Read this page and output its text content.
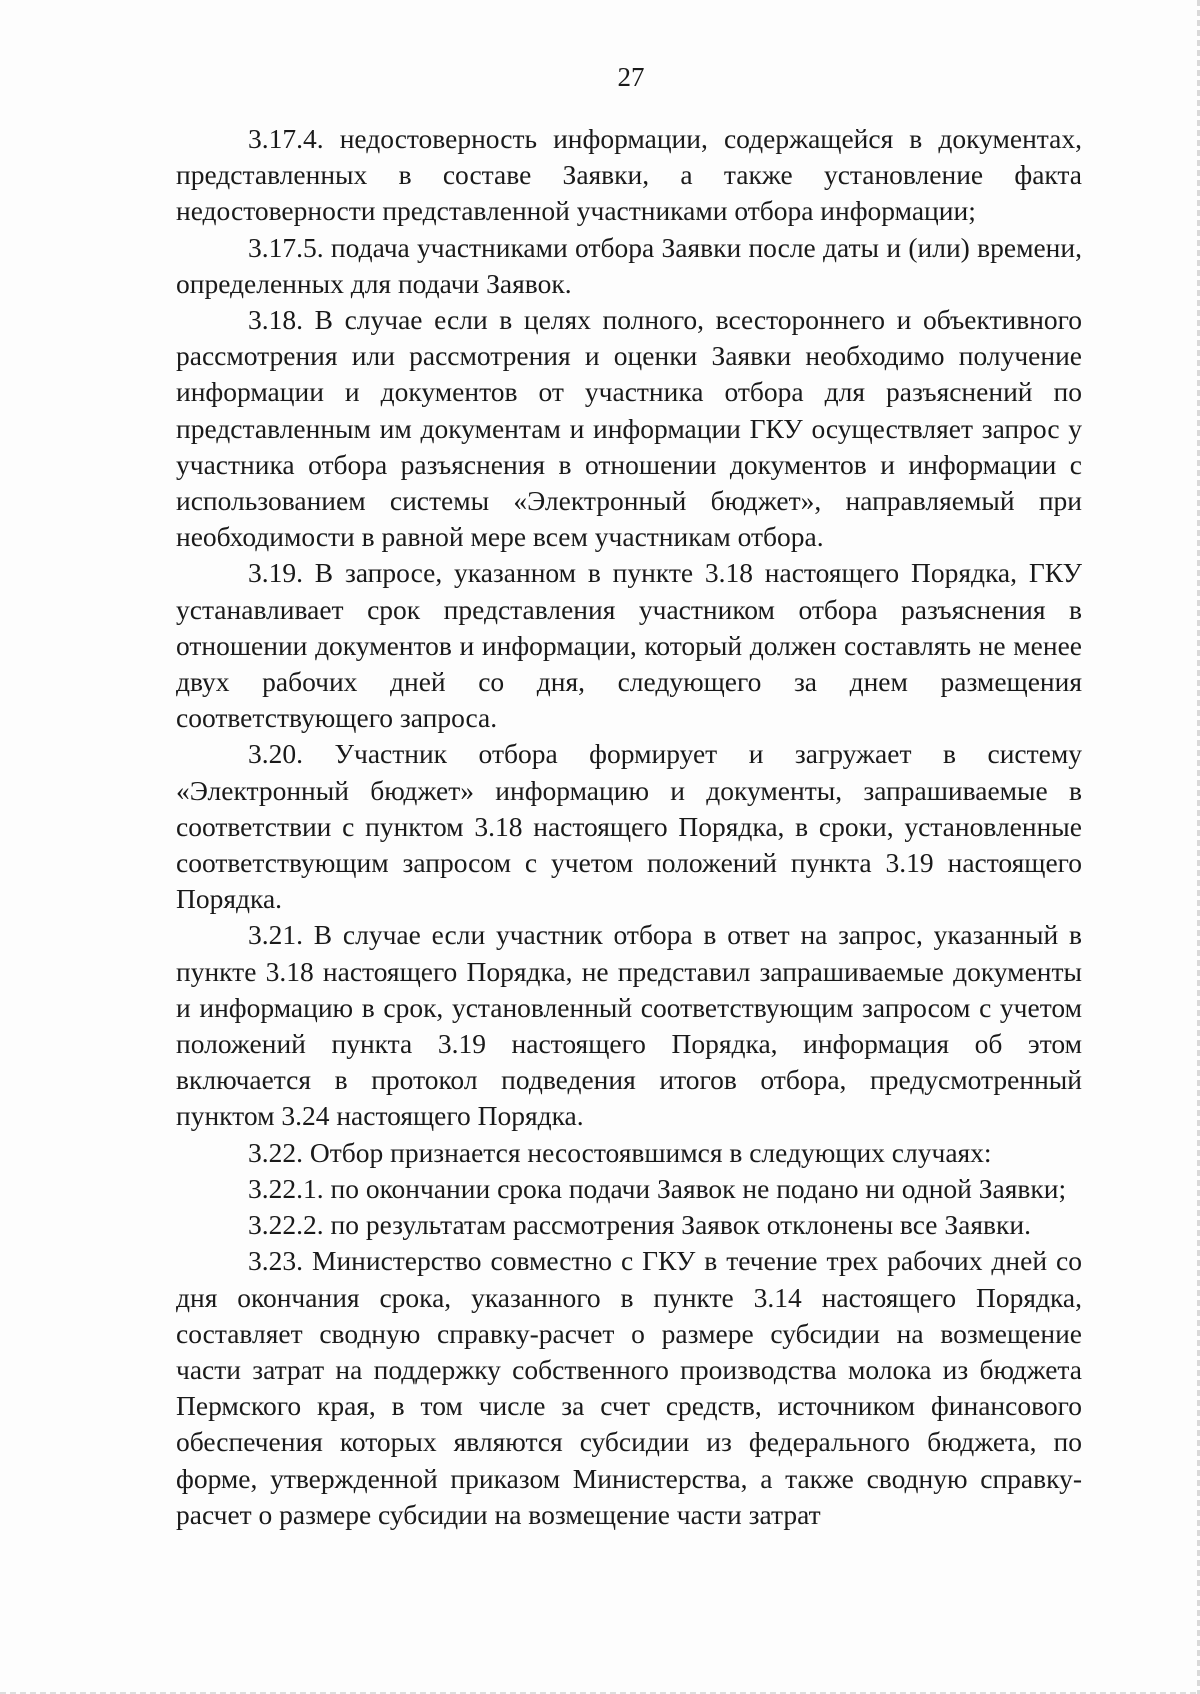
27

3.17.4. недостоверность информации, содержащейся в документах, представленных в составе Заявки, а также установление факта недостоверности представленной участниками отбора информации;

3.17.5. подача участниками отбора Заявки после даты и (или) времени, определенных для подачи Заявок.

3.18. В случае если в целях полного, всестороннего и объективного рассмотрения или рассмотрения и оценки Заявки необходимо получение информации и документов от участника отбора для разъяснений по представленным им документам и информации ГКУ осуществляет запрос у участника отбора разъяснения в отношении документов и информации с использованием системы «Электронный бюджет», направляемый при необходимости в равной мере всем участникам отбора.

3.19. В запросе, указанном в пункте 3.18 настоящего Порядка, ГКУ устанавливает срок представления участником отбора разъяснения в отношении документов и информации, который должен составлять не менее двух рабочих дней со дня, следующего за днем размещения соответствующего запроса.

3.20. Участник отбора формирует и загружает в систему «Электронный бюджет» информацию и документы, запрашиваемые в соответствии с пунктом 3.18 настоящего Порядка, в сроки, установленные соответствующим запросом с учетом положений пункта 3.19 настоящего Порядка.

3.21. В случае если участник отбора в ответ на запрос, указанный в пункте 3.18 настоящего Порядка, не представил запрашиваемые документы и информацию в срок, установленный соответствующим запросом с учетом положений пункта 3.19 настоящего Порядка, информация об этом включается в протокол подведения итогов отбора, предусмотренный пунктом 3.24 настоящего Порядка.

3.22. Отбор признается несостоявшимся в следующих случаях:

3.22.1. по окончании срока подачи Заявок не подано ни одной Заявки;

3.22.2. по результатам рассмотрения Заявок отклонены все Заявки.

3.23. Министерство совместно с ГКУ в течение трех рабочих дней со дня окончания срока, указанного в пункте 3.14 настоящего Порядка, составляет сводную справку-расчет о размере субсидии на возмещение части затрат на поддержку собственного производства молока из бюджета Пермского края, в том числе за счет средств, источником финансового обеспечения которых являются субсидии из федерального бюджета, по форме, утвержденной приказом Министерства, а также сводную справку-расчет о размере субсидии на возмещение части затрат
